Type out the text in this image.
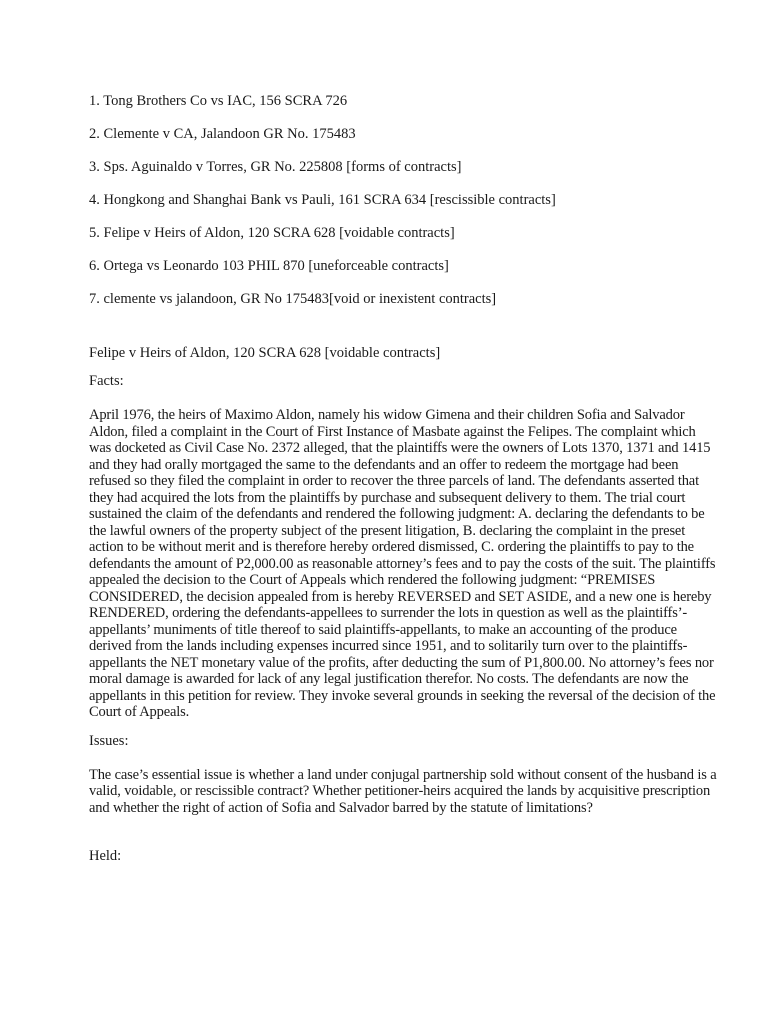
1. Tong Brothers Co vs IAC, 156 SCRA 726
2. Clemente v CA, Jalandoon GR No. 175483
3. Sps. Aguinaldo v Torres, GR No. 225808 [forms of contracts]
4. Hongkong and Shanghai Bank vs Pauli, 161 SCRA 634 [rescissible contracts]
5. Felipe v Heirs of Aldon, 120 SCRA 628 [voidable contracts]
6. Ortega vs Leonardo 103 PHIL 870 [uneforceable contracts]
7. clemente vs jalandoon, GR No 175483[void or inexistent contracts]
Felipe v Heirs of Aldon, 120 SCRA 628 [voidable contracts]
Facts:

April 1976, the heirs of Maximo Aldon, namely his widow Gimena and their children Sofia and Salvador Aldon, filed a complaint in the Court of First Instance of Masbate against the Felipes. The complaint which was docketed as Civil Case No. 2372 alleged, that the plaintiffs were the owners of Lots 1370, 1371 and 1415 and they had orally mortgaged the same to the defendants and an offer to redeem the mortgage had been refused so they filed the complaint in order to recover the three parcels of land. The defendants asserted that they had acquired the lots from the plaintiffs by purchase and subsequent delivery to them. The trial court sustained the claim of the defendants and rendered the following judgment: A. declaring the defendants to be the lawful owners of the property subject of the present litigation, B. declaring the complaint in the preset action to be without merit and is therefore hereby ordered dismissed, C. ordering the plaintiffs to pay to the defendants the amount of P2,000.00 as reasonable attorney’s fees and to pay the costs of the suit. The plaintiffs appealed the decision to the Court of Appeals which rendered the following judgment: “PREMISES CONSIDERED, the decision appealed from is hereby REVERSED and SET ASIDE, and a new one is hereby RENDERED, ordering the defendants-appellees to surrender the lots in question as well as the plaintiffs’-appellants’ muniments of title thereof to said plaintiffs-appellants, to make an accounting of the produce derived from the lands including expenses incurred since 1951, and to solitarily turn over to the plaintiffs-appellants the NET monetary value of the profits, after deducting the sum of P1,800.00. No attorney’s fees nor moral damage is awarded for lack of any legal justification therefor. No costs. The defendants are now the appellants in this petition for review. They invoke several grounds in seeking the reversal of the decision of the Court of Appeals.

Issues:

The case’s essential issue is whether a land under conjugal partnership sold without consent of the husband is a valid, voidable, or rescissible contract? Whether petitioner-heirs acquired the lands by acquisitive prescription and whether the right of action of Sofia and Salvador barred by the statute of limitations?

Held:
